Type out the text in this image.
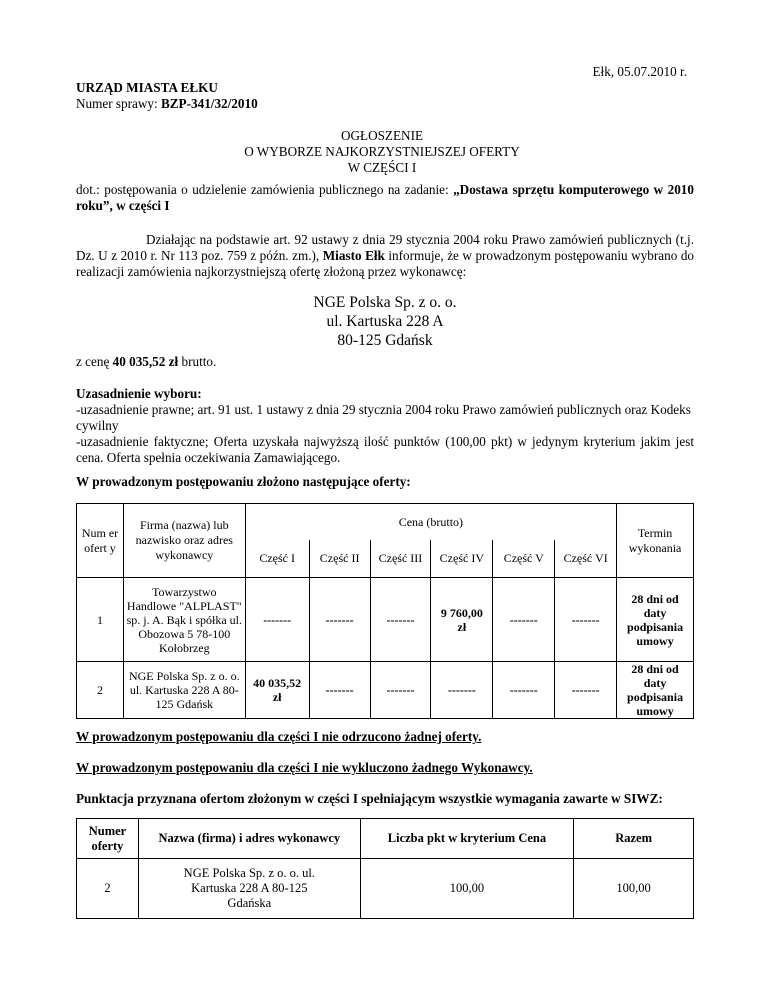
Ełk, 05.07.2010 r.
URZĄD MIASTA EŁKU
Numer sprawy: BZP-341/32/2010
OGŁOSZENIE
O WYBORZE NAJKORZYSTNIEJSZEJ OFERTY
W CZĘŚCI I
dot.: postępowania o udzielenie zamówienia publicznego na zadanie: „Dostawa sprzętu komputerowego w 2010 roku”, w części I
Działając na podstawie art. 92 ustawy z dnia 29 stycznia 2004 roku Prawo zamówień publicznych (t.j. Dz. U z 2010 r. Nr 113 poz. 759 z późn. zm.), Miasto Ełk informuje, że w prowadzonym postępowaniu wybrano do realizacji zamówienia najkorzystniejszą ofertę złożoną przez wykonawcę:
NGE Polska Sp. z o. o.
ul. Kartuska 228 A
80-125 Gdańsk
z cenę 40 035,52 zł brutto.
Uzasadnienie wyboru:
-uzasadnienie prawne; art. 91 ust. 1 ustawy z dnia 29 stycznia 2004 roku Prawo zamówień publicznych oraz Kodeks cywilny
-uzasadnienie faktyczne; Oferta uzyskała najwyższą ilość punktów (100,00 pkt) w jedynym kryterium jakim jest cena. Oferta spełnia oczekiwania Zamawiającego.
W prowadzonym postępowaniu złożono następujące oferty:
Num er ofert y	Firma (nazwa) lub nazwisko oraz adres wykonawcy	Cena (brutto)						Termin wykonania
		Część I	Część II	Część III	Część IV	Część V	Część VI	
1	Towarzystwo Handlowe "ALPLAST" sp. j. A. Bąk i spółka ul. Obozowa 5 78-100 Kołobrzeg	-------	-------	-------	9 760,00 zł	-------	-------	28 dni od daty podpisania umowy
2	NGE Polska Sp. z o. o. ul. Kartuska 228 A 80-125 Gdańsk	40 035,52 zł	-------	-------	-------	-------	-------	28 dni od daty podpisania umowy
W prowadzonym postępowaniu dla części I nie odrzucono żadnej oferty.
W prowadzonym postępowaniu dla części I nie wykluczono żadnego Wykonawcy.
Punktacja przyznana ofertom złożonym w części I spełniającym wszystkie wymagania zawarte w SIWZ:
Numer oferty	Nazwa (firma) i adres wykonawcy	Liczba pkt w kryterium Cena	Razem
2	NGE Polska Sp. z o. o. ul. Kartuska 228 A 80-125 Gdańska	100,00	100,00
